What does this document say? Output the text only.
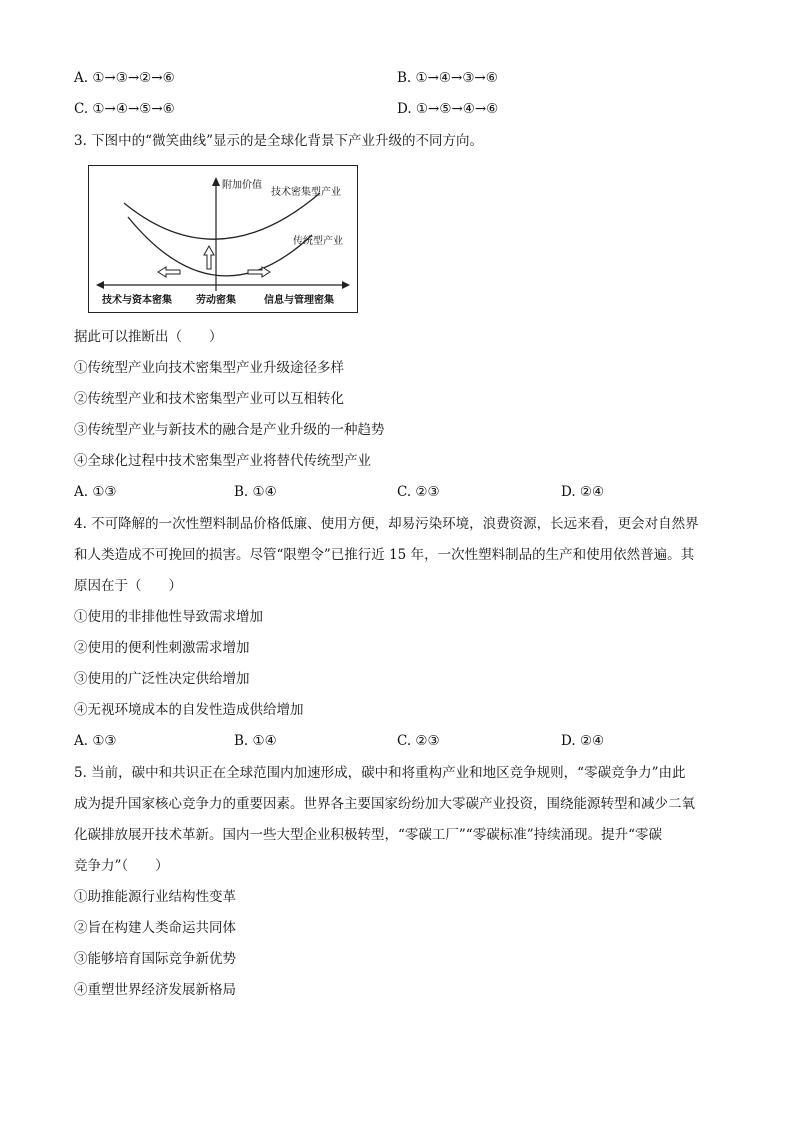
A. ①→③→②→⑥	B. ①→④→③→⑥
C. ①→④→⑤→⑥	D. ①→⑤→④→⑥
3. 下图中的“微笑曲线”显示的是全球化背景下产业升级的不同方向。
附加价值
技术密集型产业
传统型产业
技术与资本密集 劳动密集	信息与管理密集
据此可以推断出（　　）
①传统型产业向技术密集型产业升级途径多样
②传统型产业和技术密集型产业可以互相转化
③传统型产业与新技术的融合是产业升级的一种趋势
④全球化过程中技术密集型产业将替代传统型产业
A. ①③	B. ①④	C. ②③	D. ②④
4. 不可降解的一次性塑料制品价格低廉、使用方便，却易污染环境，浪费资源，长远来看，更会对自然界
和人类造成不可挽回的损害。尽管“限塑令”已推行近 15 年，一次性塑料制品的生产和使用依然普遍。其
原因在于（　　）
①使用的非排他性导致需求增加
②使用的便利性刺激需求增加
③使用的广泛性决定供给增加
④无视环境成本的自发性造成供给增加
A. ①③	B. ①④	C. ②③	D. ②④
5. 当前，碳中和共识正在全球范围内加速形成，碳中和将重构产业和地区竞争规则，“零碳竞争力”由此
成为提升国家核心竞争力的重要因素。世界各主要国家纷纷加大零碳产业投资，围绕能源转型和减少二氧
化碳排放展开技术革新。国内一些大型企业积极转型，“零碳工厂”“零碳标准”持续涌现。提升“零碳
竞争力”（　　）
①助推能源行业结构性变革
②旨在构建人类命运共同体
③能够培育国际竞争新优势
④重塑世界经济发展新格局
